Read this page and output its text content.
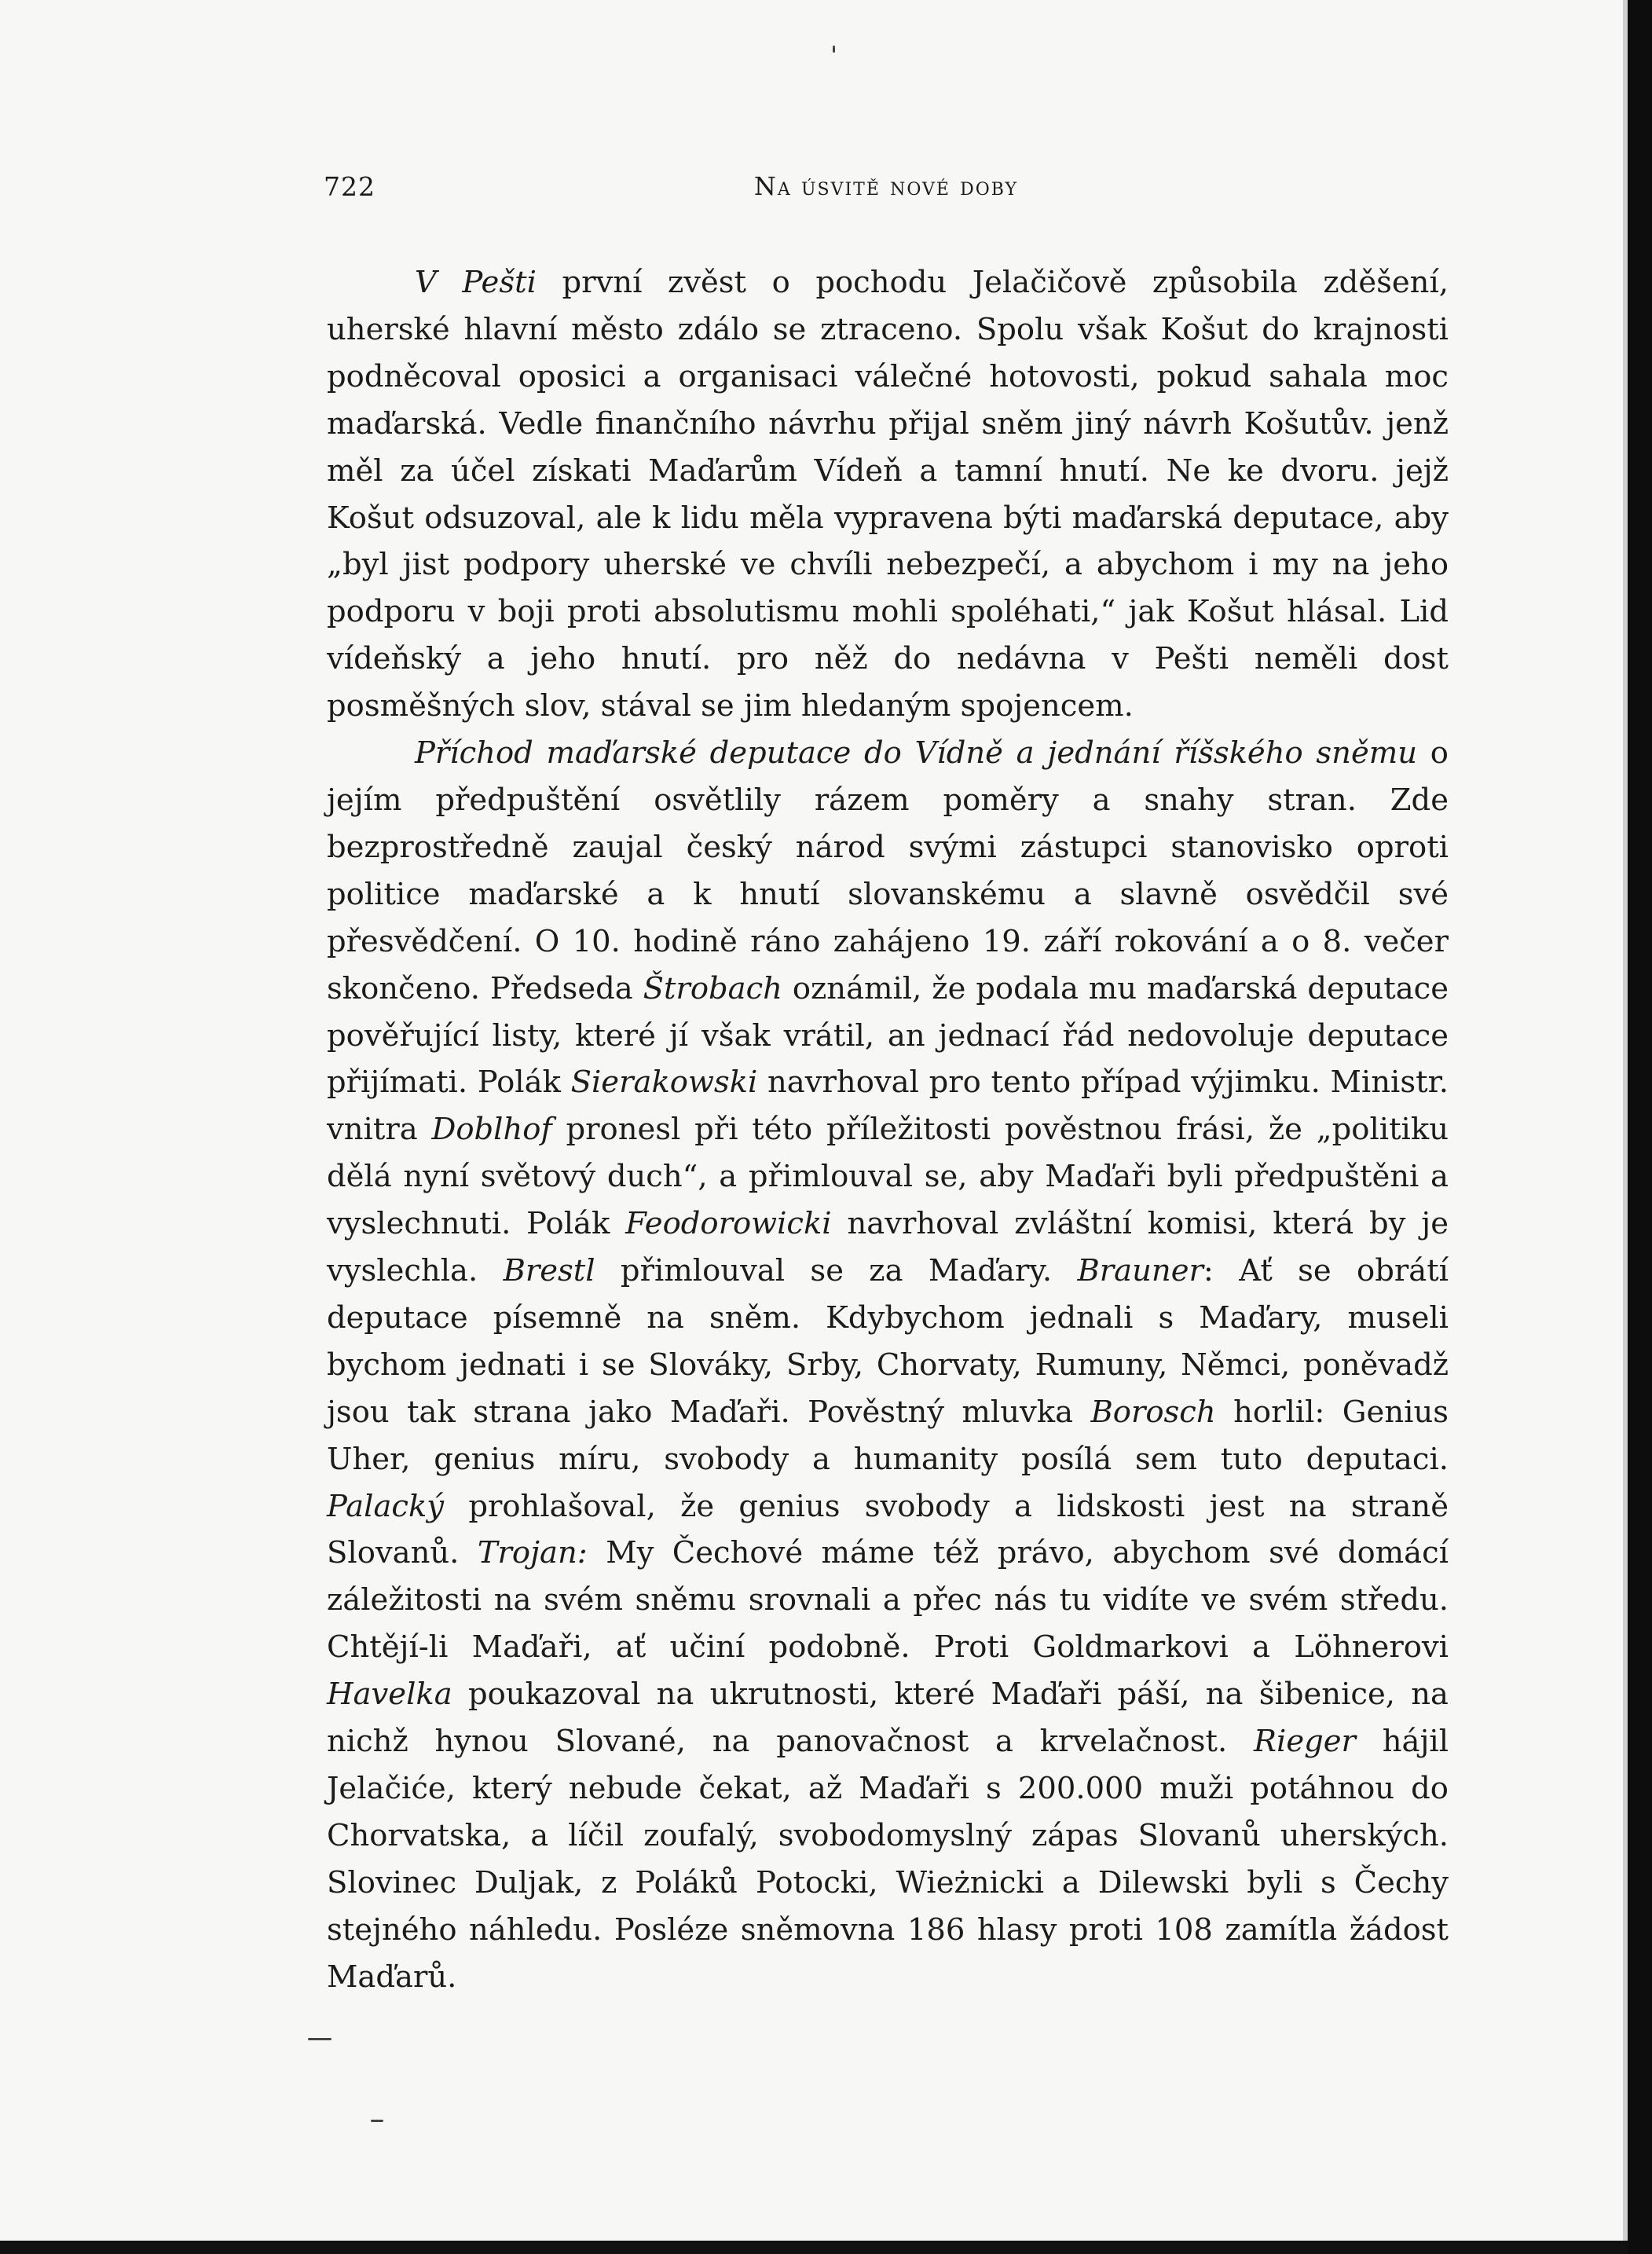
722	Na úsvitě nové doby

V Pešti první zvěst o pochodu Jelačičově způsobila zděšení, uherské hlavní město zdálo se ztraceno. Spolu však Košut do krajnosti podněcoval oposici a organisaci válečné hotovosti, pokud sahala moc maďarská. Vedle finančního návrhu přijal sněm jiný návrh Košutův. jenž měl za účel získati Maďarům Vídeň a tamní hnutí. Ne ke dvoru. jejž Košut odsuzoval, ale k lidu měla vypravena býti maďarská deputace, aby „byl jist podpory uherské ve chvíli nebezpečí, a abychom i my na jeho podporu v boji proti absolutismu mohli spoléhati,“ jak Košut hlásal. Lid vídeňský a jeho hnutí. pro něž do nedávna v Pešti neměli dost posměšných slov, stával se jim hledaným spojencem.

Příchod maďarské deputace do Vídně a jednání říšského sněmu o jejím předpuštění osvětlily rázem poměry a snahy stran. Zde bezprostředně zaujal český národ svými zástupci stanovisko oproti politice maďarské a k hnutí slovanskému a slavně osvědčil své přesvědčení. O 10. hodině ráno zahájeno 19. září rokování a o 8. večer skončeno. Předseda Štrobach oznámil, že podala mu maďarská deputace pověřující listy, které jí však vrátil, an jednací řád nedovoluje deputace přijímati. Polák Sierakowski navrhoval pro tento případ výjimku. Ministr. vnitra Doblhof pronesl při této příležitosti pověstnou frási, že „politiku dělá nyní světový duch“, a přimlouval se, aby Maďaři byli předpuštěni a vyslechnuti. Polák Feodorowicki navrhoval zvláštní komisi, která by je vyslechla. Brestl přimlouval se za Maďary. Brauner: Ať se obrátí deputace písemně na sněm. Kdybychom jednali s Maďary, museli bychom jednati i se Slováky, Srby, Chorvaty, Rumuny, Němci, poněvadž jsou tak strana jako Maďaři. Pověstný mluvka Borosch horlil: Genius Uher, genius míru, svobody a humanity posílá sem tuto deputaci. Palacký prohlašoval, že genius svobody a lidskosti jest na straně Slovanů. Trojan: My Čechové máme též právo, abychom své domácí záležitosti na svém sněmu srovnali a přec nás tu vidíte ve svém středu. Chtějí-li Maďaři, ať učiní podobně. Proti Goldmarkovi a Löhnerovi Havelka poukazoval na ukrutnosti, které Maďaři páší, na šibenice, na nichž hynou Slované, na panovačnost a krvelačnost. Rieger hájil Jelačiće, který nebude čekat, až Maďaři s 200.000 muži potáhnou do Chorvatska, a líčil zoufalý, svobodomyslný zápas Slovanů uherských. Slovinec Duljak, z Poláků Potocki, Wieżnicki a Dilewski byli s Čechy stejného náhledu. Posléze sněmovna 186 hlasy proti 108 zamítla žádost Maďarů.
